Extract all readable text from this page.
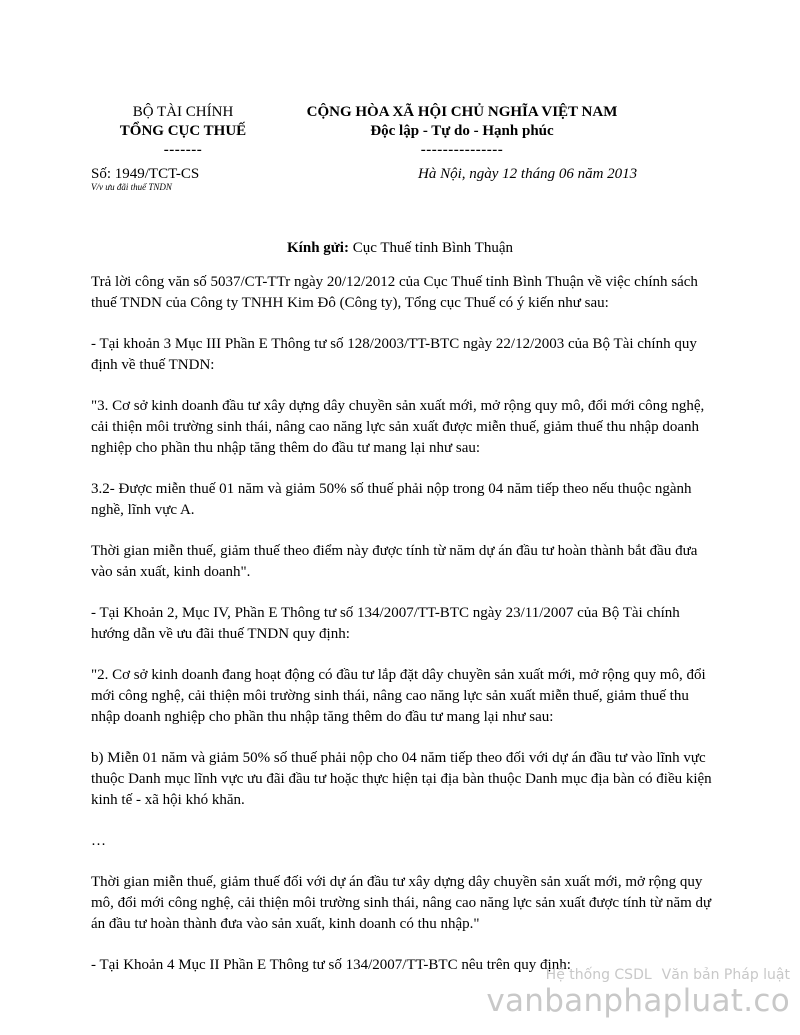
BỘ TÀI CHÍNH
TỔNG CỤC THUẾ
-------
CỘNG HÒA XÃ HỘI CHỦ NGHĨA VIỆT NAM
Độc lập - Tự do - Hạnh phúc
---------------
Số: 1949/TCT-CS
V/v ưu đãi thuế TNDN
Hà Nội, ngày 12 tháng 06 năm 2013
Kính gửi: Cục Thuế tỉnh Bình Thuận

Trả lời công văn số 5037/CT-TTr ngày 20/12/2012 của Cục Thuế tỉnh Bình Thuận về việc chính sách thuế TNDN của Công ty TNHH Kim Đô (Công ty), Tổng cục Thuế có ý kiến như sau:

- Tại khoản 3 Mục III Phần E Thông tư số 128/2003/TT-BTC ngày 22/12/2003 của Bộ Tài chính quy định về thuế TNDN:

"3. Cơ sở kinh doanh đầu tư xây dựng dây chuyền sản xuất mới, mở rộng quy mô, đổi mới công nghệ, cải thiện môi trường sinh thái, nâng cao năng lực sản xuất được miễn thuế, giảm thuế thu nhập doanh nghiệp cho phần thu nhập tăng thêm do đầu tư mang lại như sau:

3.2- Được miễn thuế 01 năm và giảm 50% số thuế phải nộp trong 04 năm tiếp theo nếu thuộc ngành nghề, lĩnh vực A.

Thời gian miễn thuế, giảm thuế theo điểm này được tính từ năm dự án đầu tư hoàn thành bắt đầu đưa vào sản xuất, kinh doanh".

- Tại Khoản 2, Mục IV, Phần E Thông tư số 134/2007/TT-BTC ngày 23/11/2007 của Bộ Tài chính hướng dẫn về ưu đãi thuế TNDN quy định:

"2. Cơ sở kinh doanh đang hoạt động có đầu tư lắp đặt dây chuyền sản xuất mới, mở rộng quy mô, đổi mới công nghệ, cải thiện môi trường sinh thái, nâng cao năng lực sản xuất miễn thuế, giảm thuế thu nhập doanh nghiệp cho phần thu nhập tăng thêm do đầu tư mang lại như sau:

b) Miễn 01 năm và giảm 50% số thuế phải nộp cho 04 năm tiếp theo đối với dự án đầu tư vào lĩnh vực thuộc Danh mục lĩnh vực ưu đãi đầu tư hoặc thực hiện tại địa bàn thuộc Danh mục địa bàn có điều kiện kinh tế - xã hội khó khăn.

…

Thời gian miễn thuế, giảm thuế đối với dự án đầu tư xây dựng dây chuyền sản xuất mới, mở rộng quy mô, đổi mới công nghệ, cải thiện môi trường sinh thái, nâng cao năng lực sản xuất được tính từ năm dự án đầu tư hoàn thành đưa vào sản xuất, kinh doanh có thu nhập."

- Tại Khoản 4 Mục II Phần E Thông tư số 134/2007/TT-BTC nêu trên quy định:

Hệ thống CSDL Văn bản Pháp luật
vanbanphapluat.co
